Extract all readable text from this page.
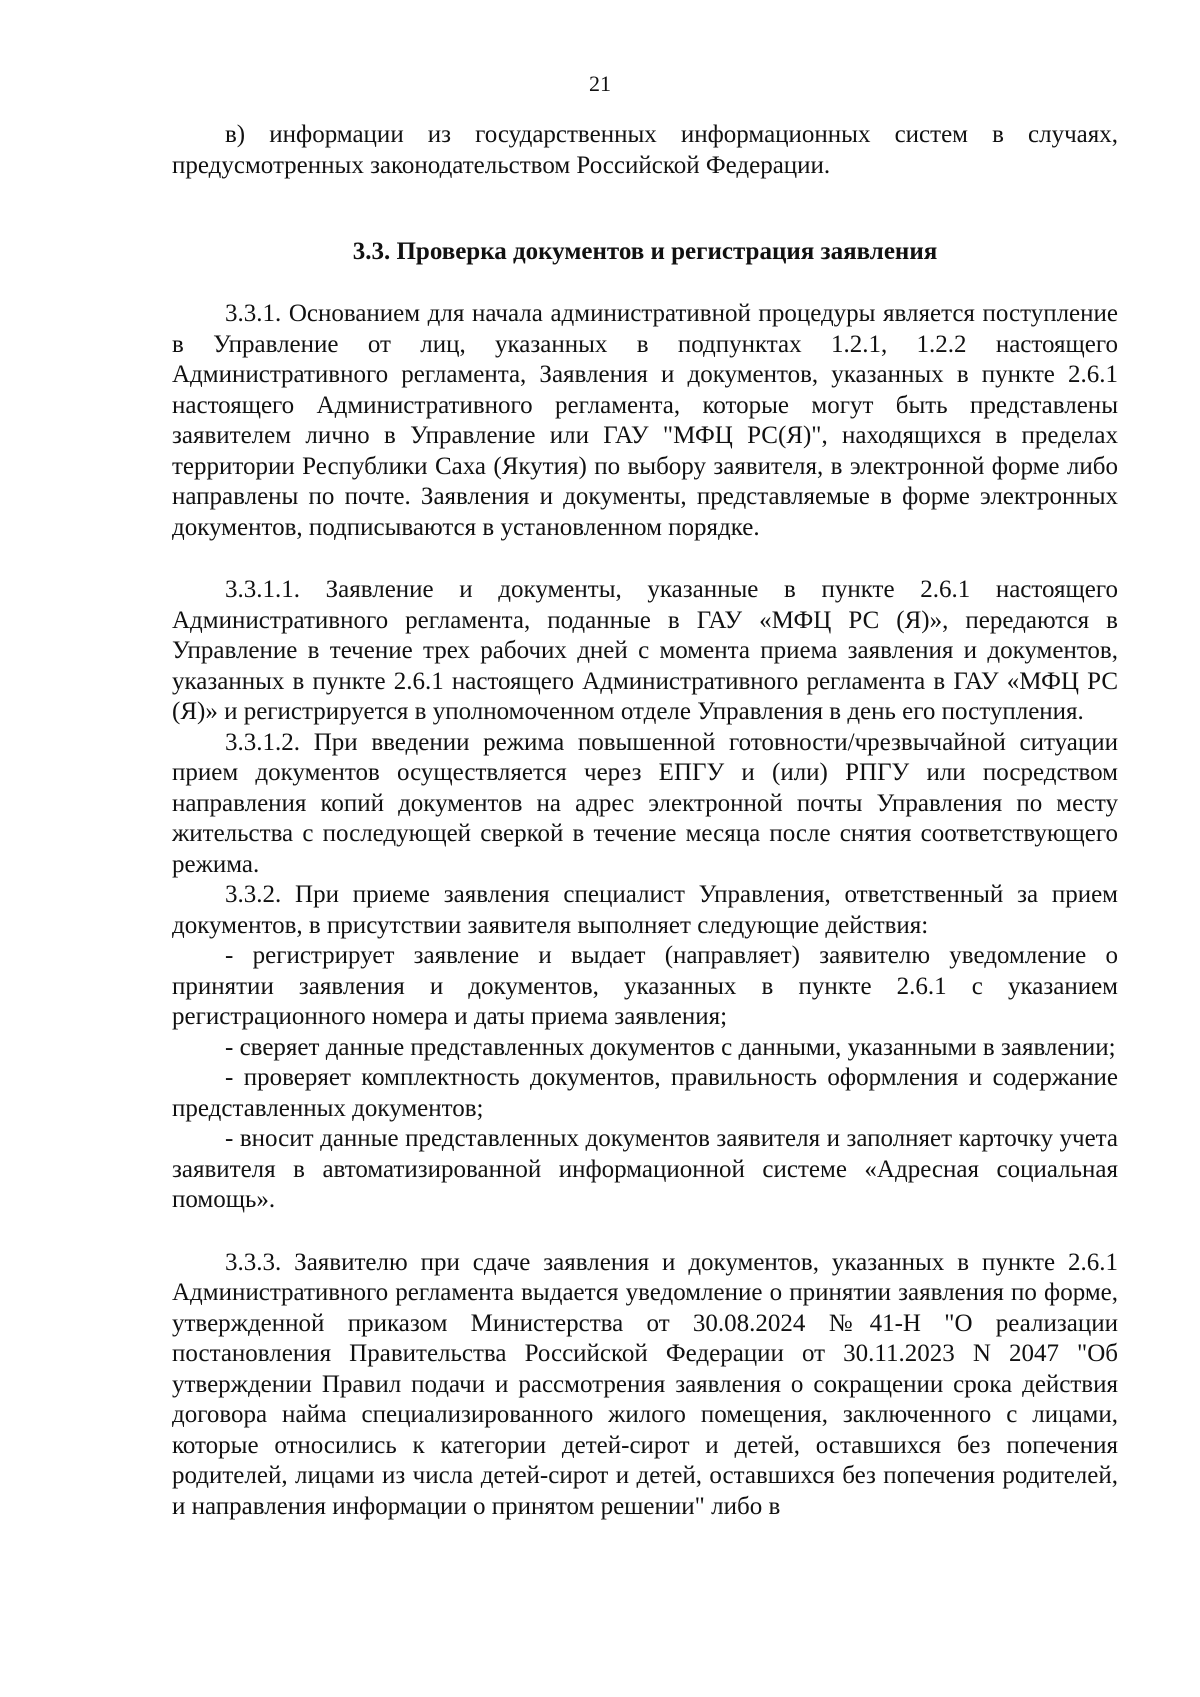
21

в) информации из государственных информационных систем в случаях, предусмотренных законодательством Российской Федерации.

3.3. Проверка документов и регистрация заявления

3.3.1. Основанием для начала административной процедуры является поступление в Управление от лиц, указанных в подпунктах 1.2.1, 1.2.2 настоящего Административного регламента, Заявления и документов, указанных в пункте 2.6.1 настоящего Административного регламента, которые могут быть представлены заявителем лично в Управление или ГАУ "МФЦ РС(Я)", находящихся в пределах территории Республики Саха (Якутия) по выбору заявителя, в электронной форме либо направлены по почте. Заявления и документы, представляемые в форме электронных документов, подписываются в установленном порядке.

3.3.1.1. Заявление и документы, указанные в пункте 2.6.1 настоящего Административного регламента, поданные в ГАУ «МФЦ РС (Я)», передаются в Управление в течение трех рабочих дней с момента приема заявления и документов, указанных в пункте 2.6.1 настоящего Административного регламента в ГАУ «МФЦ РС (Я)» и регистрируется в уполномоченном отделе Управления в день его поступления.

3.3.1.2. При введении режима повышенной готовности/чрезвычайной ситуации прием документов осуществляется через ЕПГУ и (или) РПГУ или посредством направления копий документов на адрес электронной почты Управления по месту жительства с последующей сверкой в течение месяца после снятия соответствующего режима.

3.3.2. При приеме заявления специалист Управления, ответственный за прием документов, в присутствии заявителя выполняет следующие действия:

- регистрирует заявление и выдает (направляет) заявителю уведомление о принятии заявления и документов, указанных в пункте 2.6.1 с указанием регистрационного номера и даты приема заявления;

- сверяет данные представленных документов с данными, указанными в заявлении;

- проверяет комплектность документов, правильность оформления и содержание представленных документов;

- вносит данные представленных документов заявителя и заполняет карточку учета заявителя в автоматизированной информационной системе «Адресная социальная помощь».

3.3.3. Заявителю при сдаче заявления и документов, указанных в пункте 2.6.1 Административного регламента выдается уведомление о принятии заявления по форме, утвержденной приказом Министерства от 30.08.2024 №41-Н "О реализации постановления Правительства Российской Федерации от 30.11.2023 N 2047 "Об утверждении Правил подачи и рассмотрения заявления о сокращении срока действия договора найма специализированного жилого помещения, заключенного с лицами, которые относились к категории детей-сирот и детей, оставшихся без попечения родителей, лицами из числа детей-сирот и детей, оставшихся без попечения родителей, и направления информации о принятом решении" либо в
